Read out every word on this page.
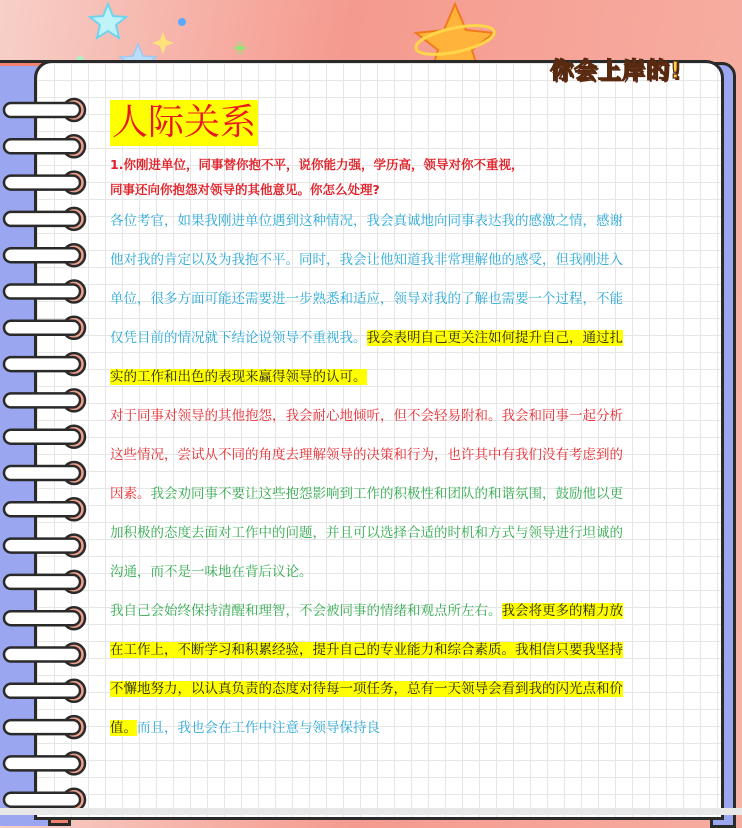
你会上岸的!
人际关系
1.你刚进单位，同事替你抱不平，说你能力强，学历高，领导对你不重视，
同事还向你抱怨对领导的其他意见。你怎么处理?
各位考官，如果我刚进单位遇到这种情况，我会真诚地向同事表达我的感激之情，感谢他对我的肯定以及为我抱不平。同时，我会让他知道我非常理解他的感受，但我刚进入单位，很多方面可能还需要进一步熟悉和适应，领导对我的了解也需要一个过程，不能仅凭目前的情况就下结论说领导不重视我。我会表明自己更关注如何提升自己，通过扎实的工作和出色的表现来赢得领导的认可。
对于同事对领导的其他抱怨，我会耐心地倾听，但不会轻易附和。我会和同事一起分析这些情况，尝试从不同的角度去理解领导的决策和行为，也许其中有我们没有考虑到的因素。我会劝同事不要让这些抱怨影响到工作的积极性和团队的和谐氛围，鼓励他以更加积极的态度去面对工作中的问题，并且可以选择合适的时机和方式与领导进行坦诚的沟通，而不是一味地在背后议论。
我自己会始终保持清醒和理智，不会被同事的情绪和观点所左右。我会将更多的精力放在工作上，不断学习和积累经验，提升自己的专业能力和综合素质。我相信只要我坚持不懈地努力，以认真负责的态度对待每一项任务，总有一天领导会看到我的闪光点和价值。而且，我也会在工作中注意与领导保持良
